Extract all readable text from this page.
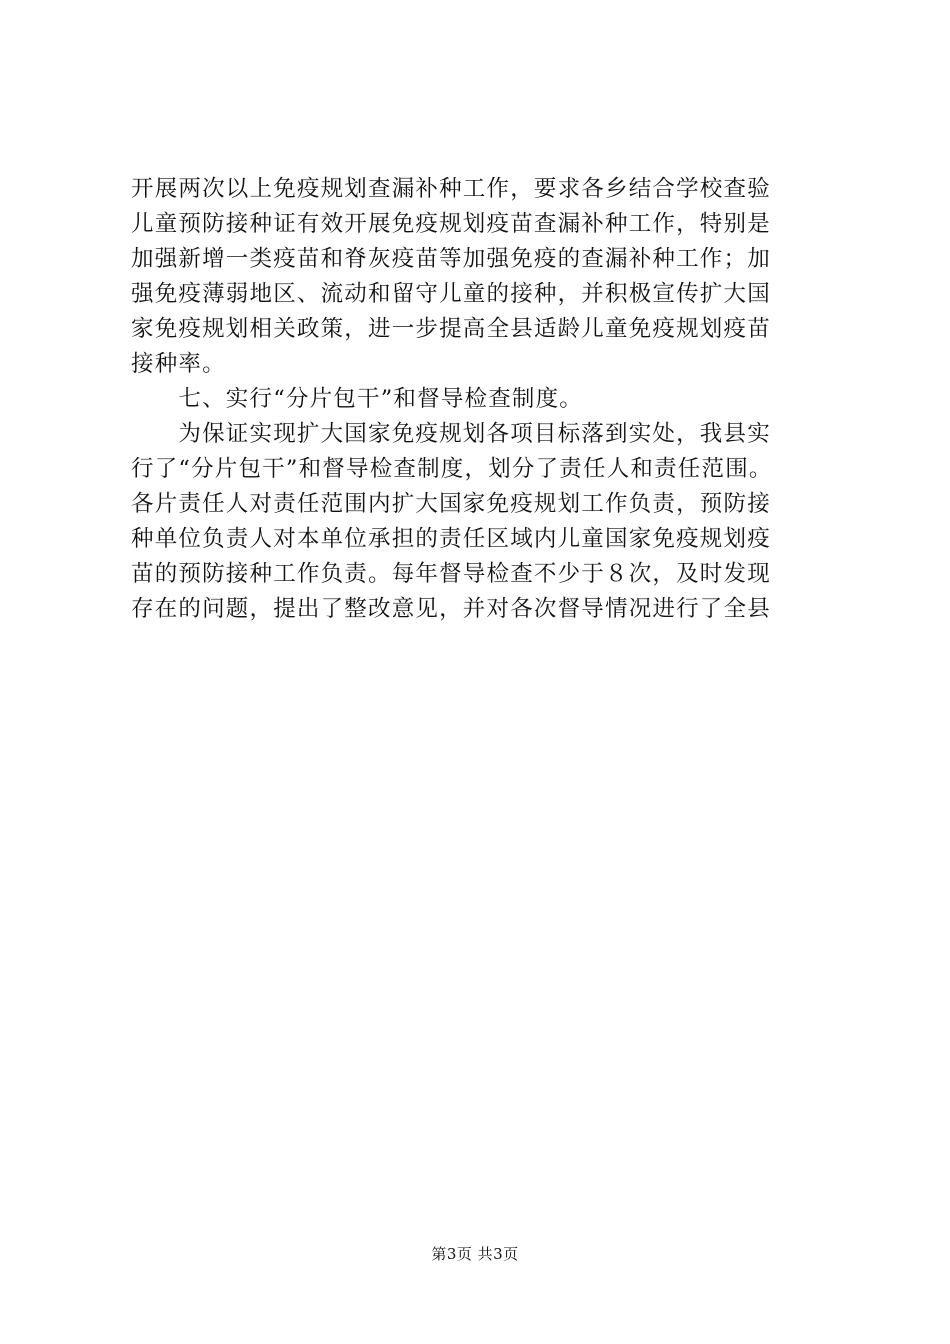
开展两次以上免疫规划查漏补种工作，要求各乡结合学校查验
儿童预防接种证有效开展免疫规划疫苗查漏补种工作，特别是
加强新增一类疫苗和脊灰疫苗等加强免疫的查漏补种工作；加
强免疫薄弱地区、流动和留守儿童的接种，并积极宣传扩大国
家免疫规划相关政策，进一步提高全县适龄儿童免疫规划疫苗
接种率。
　　七、实行“分片包干”和督导检查制度。
　　为保证实现扩大国家免疫规划各项目标落到实处，我县实
行了“分片包干”和督导检查制度，划分了责任人和责任范围。
各片责任人对责任范围内扩大国家免疫规划工作负责，预防接
种单位负责人对本单位承担的责任区域内儿童国家免疫规划疫
苗的预防接种工作负责。每年督导检查不少于８次，及时发现
存在的问题，提出了整改意见，并对各次督导情况进行了全县
第3页 共3页
